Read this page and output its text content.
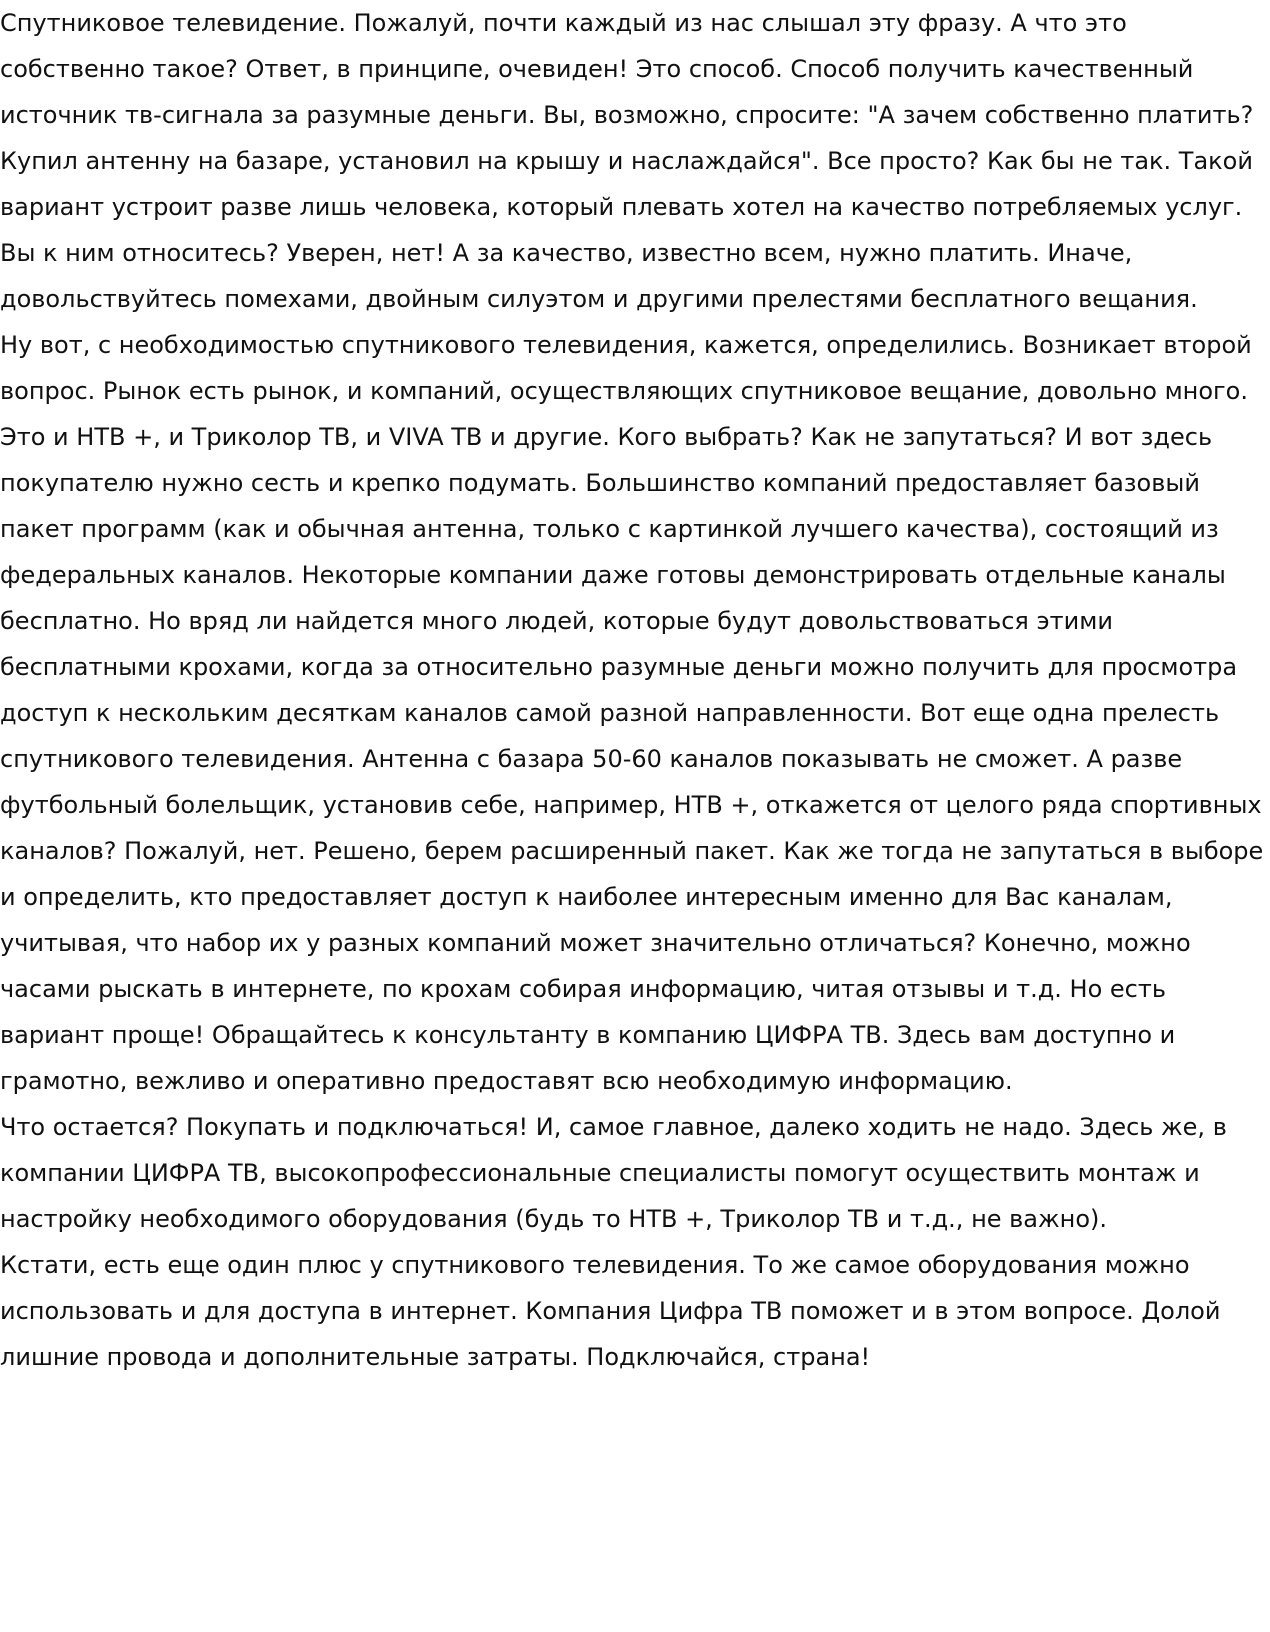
Спутниковое телевидение. Пожалуй, почти каждый из нас слышал эту фразу. А что это собственно такое? Ответ, в принципе, очевиден! Это способ. Способ получить качественный источник тв-сигнала за разумные деньги. Вы, возможно, спросите: "А зачем собственно платить? Купил антенну на базаре, установил на крышу и наслаждайся". Все просто? Как бы не так. Такой вариант устроит разве лишь человека, который плевать хотел на качество потребляемых услуг. Вы к ним относитесь? Уверен, нет! А за качество, известно всем, нужно платить. Иначе, довольствуйтесь помехами, двойным силуэтом и другими прелестями бесплатного вещания.

Ну вот, с необходимостью спутникового телевидения, кажется, определились. Возникает второй вопрос. Рынок есть рынок, и компаний, осуществляющих спутниковое вещание, довольно много. Это и НТВ +, и Триколор ТВ, и VIVA ТВ и другие. Кого выбрать? Как не запутаться? И вот здесь покупателю нужно сесть и крепко подумать. Большинство компаний предоставляет базовый пакет программ (как и обычная антенна, только с картинкой лучшего качества), состоящий из федеральных каналов. Некоторые компании даже готовы демонстрировать отдельные каналы бесплатно. Но вряд ли найдется много людей, которые будут довольствоваться этими бесплатными крохами, когда за относительно разумные деньги можно получить для просмотра доступ к нескольким десяткам каналов самой разной направленности. Вот еще одна прелесть спутникового телевидения. Антенна с базара 50-60 каналов показывать не сможет. А разве футбольный болельщик, установив себе, например, НТВ +, откажется от целого ряда спортивных каналов? Пожалуй, нет. Решено, берем расширенный пакет. Как же тогда не запутаться в выборе и определить, кто предоставляет доступ к наиболее интересным именно для Вас каналам, учитывая, что набор их у разных компаний может значительно отличаться? Конечно, можно часами рыскать в интернете, по крохам собирая информацию, читая отзывы и т.д. Но есть вариант проще! Обращайтесь к консультанту в компанию ЦИФРА ТВ. Здесь вам доступно и грамотно, вежливо и оперативно предоставят всю необходимую информацию.

Что остается? Покупать и подключаться! И, самое главное, далеко ходить не надо. Здесь же, в компании ЦИФРА ТВ, высокопрофессиональные специалисты помогут осуществить монтаж и настройку необходимого оборудования (будь то НТВ +, Триколор ТВ и т.д., не важно).

Кстати, есть еще один плюс у спутникового телевидения. То же самое оборудования можно использовать и для доступа в интернет. Компания Цифра ТВ поможет и в этом вопросе. Долой лишние провода и дополнительные затраты. Подключайся, страна!
